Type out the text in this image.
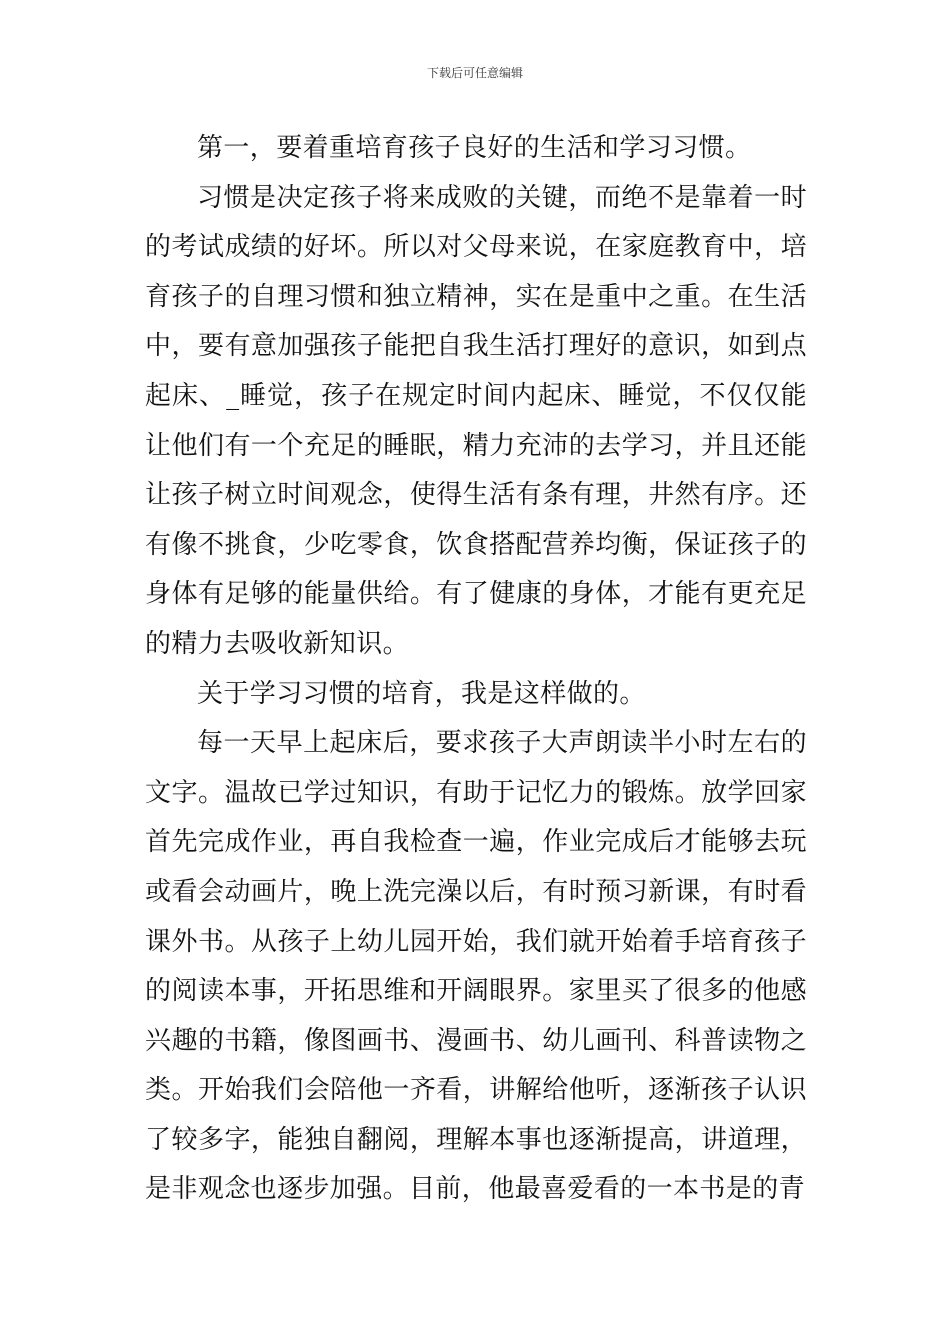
下载后可任意编辑

第一，要着重培育孩子良好的生活和学习习惯。

习惯是决定孩子将来成败的关键，而绝不是靠着一时的考试成绩的好坏。所以对父母来说，在家庭教育中，培育孩子的自理习惯和独立精神，实在是重中之重。在生活中，要有意加强孩子能把自我生活打理好的意识，如到点起床、_睡觉，孩子在规定时间内起床、睡觉，不仅仅能让他们有一个充足的睡眠，精力充沛的去学习，并且还能让孩子树立时间观念，使得生活有条有理，井然有序。还有像不挑食，少吃零食，饮食搭配营养均衡，保证孩子的身体有足够的能量供给。有了健康的身体，才能有更充足的精力去吸收新知识。

关于学习习惯的培育，我是这样做的。

每一天早上起床后，要求孩子大声朗读半小时左右的文字。温故已学过知识，有助于记忆力的锻炼。放学回家首先完成作业，再自我检查一遍，作业完成后才能够去玩或看会动画片，晚上洗完澡以后，有时预习新课，有时看课外书。从孩子上幼儿园开始，我们就开始着手培育孩子的阅读本事，开拓思维和开阔眼界。家里买了很多的他感兴趣的书籍，像图画书、漫画书、幼儿画刊、科普读物之类。开始我们会陪他一齐看，讲解给他听，逐渐孩子认识了较多字，能独自翻阅，理解本事也逐渐提高，讲道理，是非观念也逐步加强。目前，他最喜爱看的一本书是的青
